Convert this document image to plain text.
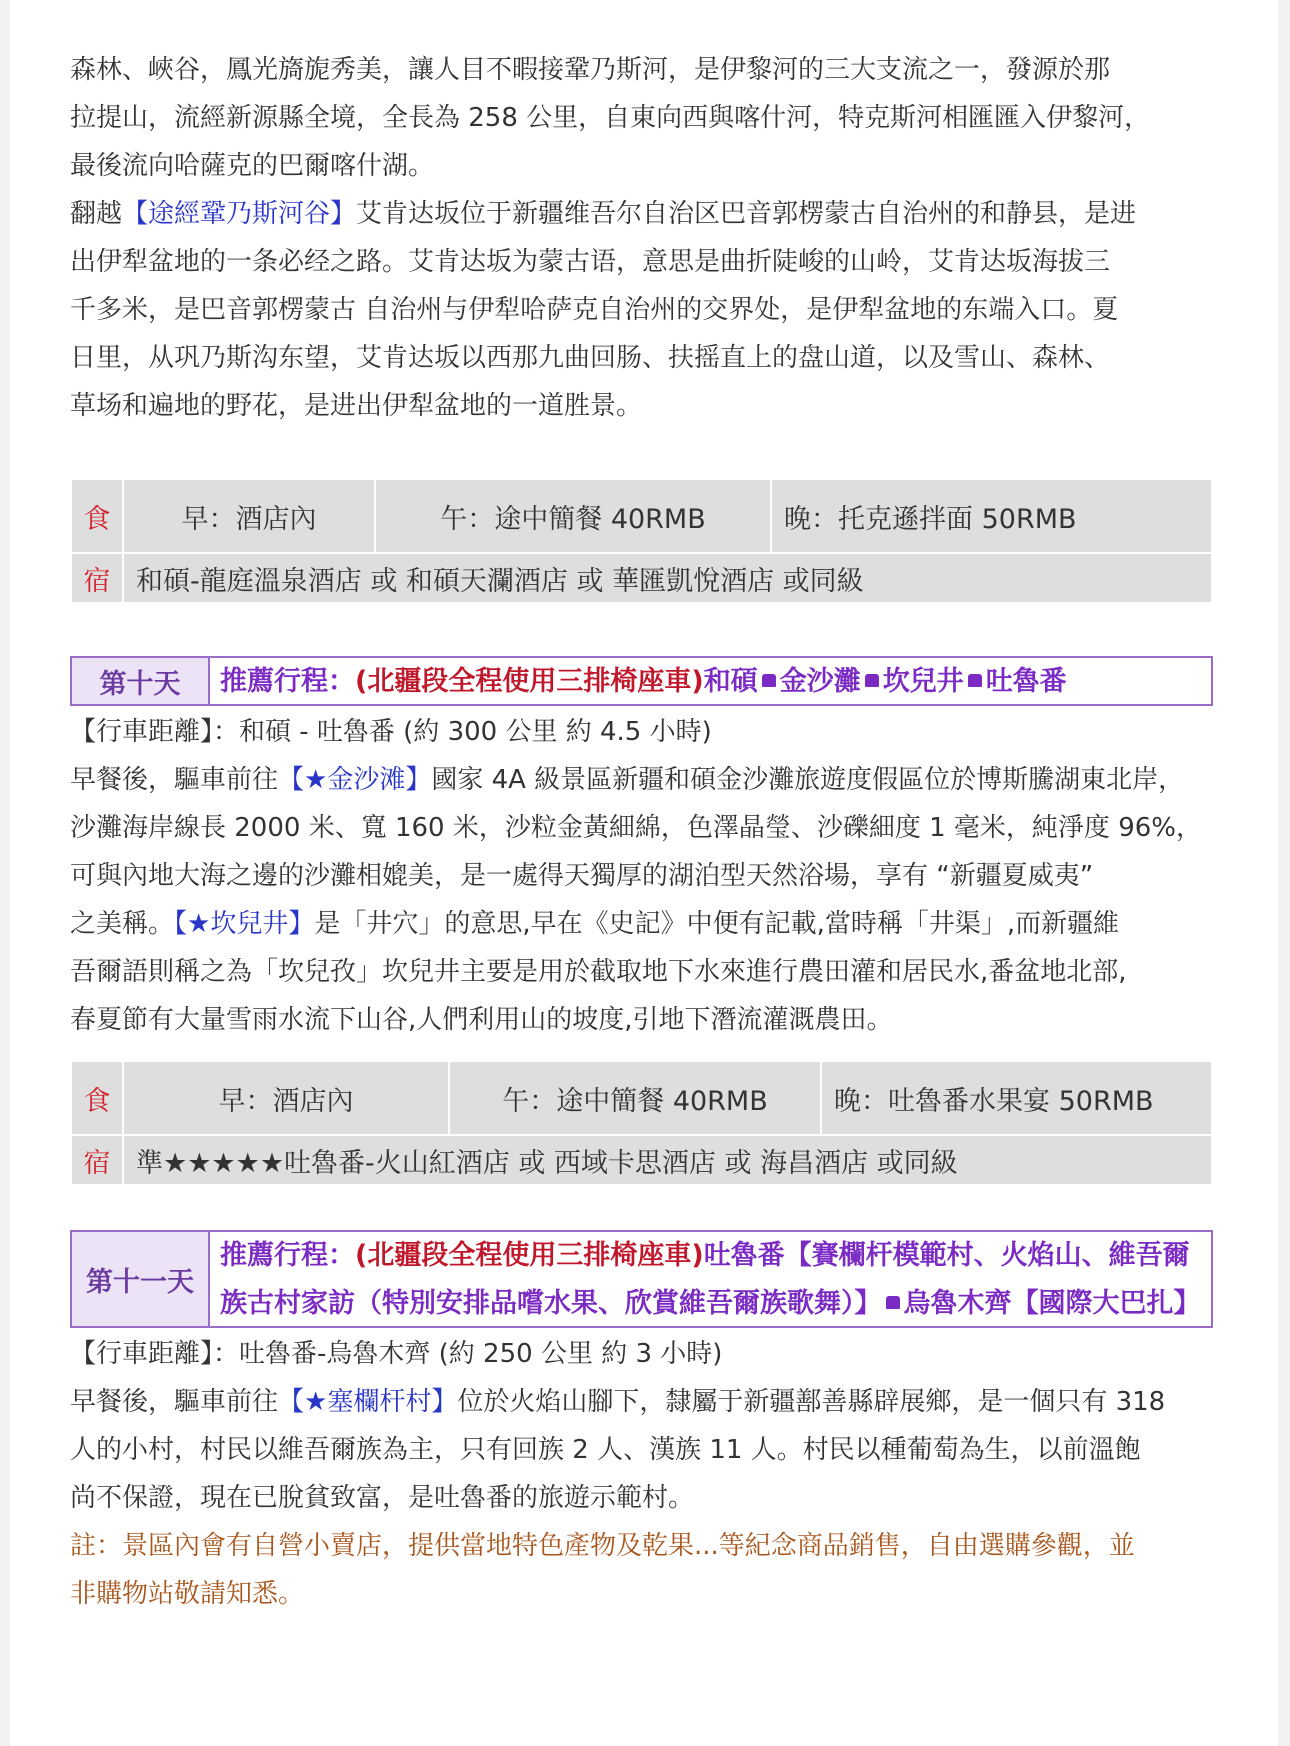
森林、峽谷，鳳光旖旎秀美，讓人目不暇接鞏乃斯河，是伊黎河的三大支流之一，發源於那

拉提山，流經新源縣全境，全長為 258 公里，自東向西與喀什河，特克斯河相匯匯入伊黎河，

最後流向哈薩克的巴爾喀什湖。

翻越【途經鞏乃斯河谷】艾肯达坂位于新疆维吾尔自治区巴音郭楞蒙古自治州的和静县，是进

出伊犁盆地的一条必经之路。艾肯达坂为蒙古语，意思是曲折陡峻的山岭，艾肯达坂海拔三

千多米，是巴音郭楞蒙古 自治州与伊犁哈萨克自治州的交界处，是伊犁盆地的东端入口。夏

日里，从巩乃斯沟东望，艾肯达坂以西那九曲回肠、扶摇直上的盘山道，以及雪山、森林、

草场和遍地的野花，是进出伊犁盆地的一道胜景。

食	早：酒店內	午：途中簡餐 40RMB	晚：托克遜拌面 50RMB
宿	和碩-龍庭溫泉酒店 或 和碩天瀾酒店 或 華匯凱悅酒店 或同級		
第十天	推薦行程：(北疆段全程使用三排椅座車)和碩 金沙灘 坎兒井 吐魯番

【行車距離】：和碩 - 吐魯番 (約 300 公里 約 4.5 小時)

早餐後，驅車前往【★金沙滩】國家 4A 級景區新疆和碩金沙灘旅遊度假區位於博斯騰湖東北岸，

沙灘海岸線長 2000 米、寬 160 米，沙粒金黃細綿，色澤晶瑩、沙礫細度 1 毫米，純淨度 96%，

可與內地大海之邊的沙灘相媲美，是一處得天獨厚的湖泊型天然浴場，享有 “新疆夏威夷”

之美稱。【★坎兒井】是「井穴」的意思,早在《史記》中便有記載,當時稱「井渠」,而新疆維

吾爾語則稱之為「坎兒孜」坎兒井主要是用於截取地下水來進行農田灌和居民水,番盆地北部,

春夏節有大量雪雨水流下山谷,人們利用山的坡度,引地下潛流灌溉農田。

食	早：酒店內	午：途中簡餐 40RMB	晚：吐魯番水果宴 50RMB
宿	準★★★★★吐魯番-火山紅酒店 或 西域卡思酒店 或 海昌酒店 或同級		
第十一天
推薦行程：(北疆段全程使用三排椅座車)吐魯番【賽欄杆模範村、火焰山、維吾爾
族古村家訪（特別安排品嚐水果、欣賞維吾爾族歌舞）】 烏魯木齊【國際大巴扎】

【行車距離】：吐魯番-烏魯木齊 (約 250 公里 約 3 小時)

早餐後，驅車前往【★塞欄杆村】位於火焰山腳下，隸屬于新疆鄯善縣辟展鄉，是一個只有 318

人的小村，村民以維吾爾族為主，只有回族 2 人、漢族 11 人。村民以種葡萄為生，以前溫飽

尚不保證，現在已脫貧致富，是吐魯番的旅遊示範村。

註：景區內會有自營小賣店，提供當地特色產物及乾果...等紀念商品銷售，自由選購參觀，並

非購物站敬請知悉。
